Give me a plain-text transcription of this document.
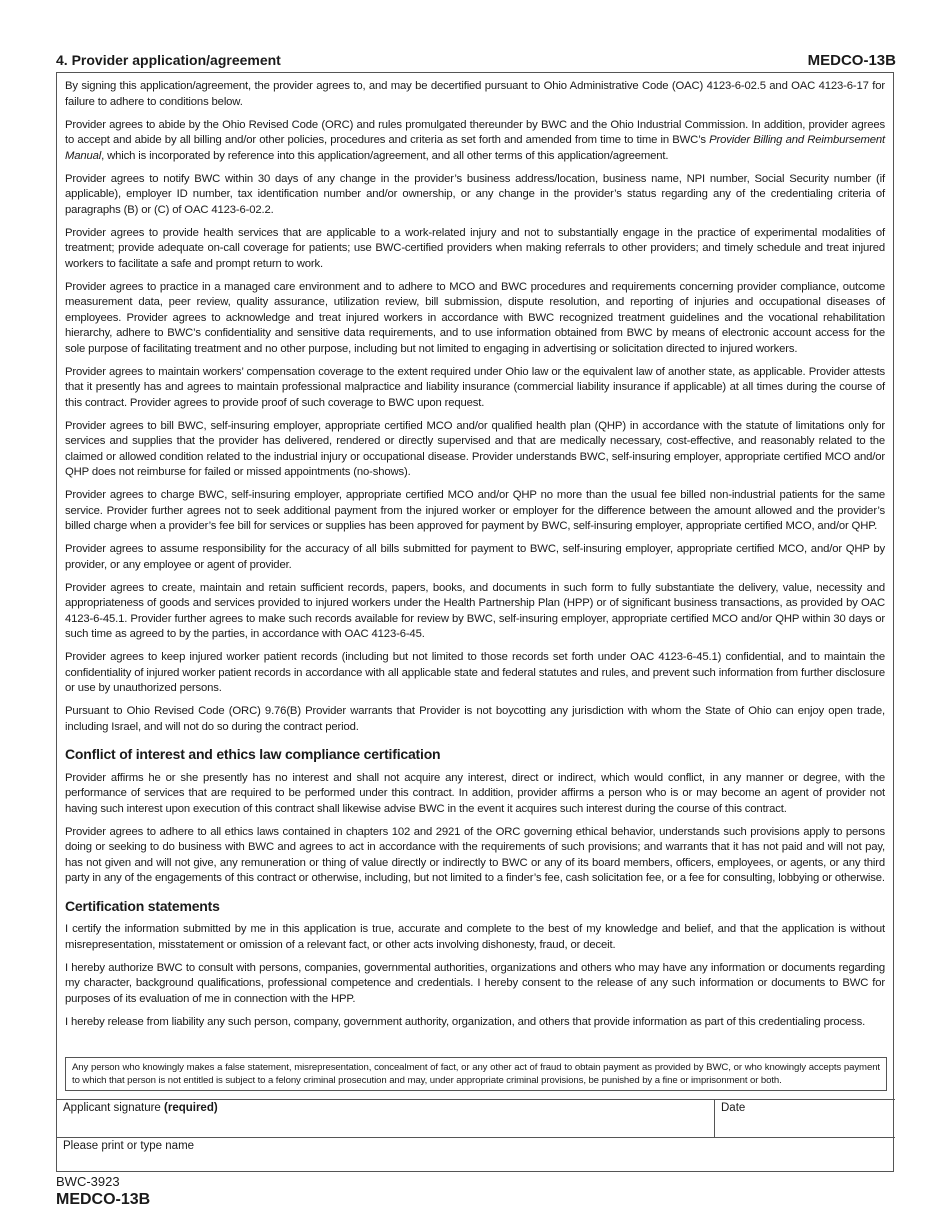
4. Provider application/agreement	MEDCO-13B

By signing this application/agreement, the provider agrees to, and may be decertified pursuant to Ohio Administrative Code (OAC) 4123-6-02.5 and OAC 4123-6-17 for failure to adhere to conditions below.

Provider agrees to abide by the Ohio Revised Code (ORC) and rules promulgated thereunder by BWC and the Ohio Industrial Commission. In addition, provider agrees to accept and abide by all billing and/or other policies, procedures and criteria as set forth and amended from time to time in BWC’s Provider Billing and Reimbursement Manual, which is incorporated by reference into this application/agreement, and all other terms of this application/agreement.

Provider agrees to notify BWC within 30 days of any change in the provider’s business address/location, business name, NPI number, Social Security number (if applicable), employer ID number, tax identification number and/or ownership, or any change in the provider’s status regarding any of the credentialing criteria of paragraphs (B) or (C) of OAC 4123-6-02.2.

Provider agrees to provide health services that are applicable to a work-related injury and not to substantially engage in the practice of experimental modalities of treatment; provide adequate on-call coverage for patients; use BWC-certified providers when making referrals to other providers; and timely schedule and treat injured workers to facilitate a safe and prompt return to work.

Provider agrees to practice in a managed care environment and to adhere to MCO and BWC procedures and requirements concerning provider compliance, outcome measurement data, peer review, quality assurance, utilization review, bill submission, dispute resolution, and reporting of injuries and occupational diseases of employees. Provider agrees to acknowledge and treat injured workers in accordance with BWC recognized treatment guidelines and the vocational rehabilitation hierarchy, adhere to BWC’s confidentiality and sensitive data requirements, and to use information obtained from BWC by means of electronic account access for the sole purpose of facilitating treatment and no other purpose, including but not limited to engaging in advertising or solicitation directed to injured workers.

Provider agrees to maintain workers’ compensation coverage to the extent required under Ohio law or the equivalent law of another state, as applicable. Provider attests that it presently has and agrees to maintain professional malpractice and liability insurance (commercial liability insurance if applicable) at all times during the course of this contract. Provider agrees to provide proof of such coverage to BWC upon request.

Provider agrees to bill BWC, self-insuring employer, appropriate certified MCO and/or qualified health plan (QHP) in accordance with the statute of limitations only for services and supplies that the provider has delivered, rendered or directly supervised and that are medically necessary, cost-effective, and reasonably related to the claimed or allowed condition related to the industrial injury or occupational disease. Provider understands BWC, self-insuring employer, appropriate certified MCO and/or QHP does not reimburse for failed or missed appointments (no-shows).

Provider agrees to charge BWC, self-insuring employer, appropriate certified MCO and/or QHP no more than the usual fee billed non-industrial patients for the same service. Provider further agrees not to seek additional payment from the injured worker or employer for the difference between the amount allowed and the provider’s billed charge when a provider’s fee bill for services or supplies has been approved for payment by BWC, self-insuring employer, appropriate certified MCO, and/or QHP.

Provider agrees to assume responsibility for the accuracy of all bills submitted for payment to BWC, self-insuring employer, appropriate certified MCO, and/or QHP by provider, or any employee or agent of provider.

Provider agrees to create, maintain and retain sufficient records, papers, books, and documents in such form to fully substantiate the delivery, value, necessity and appropriateness of goods and services provided to injured workers under the Health Partnership Plan (HPP) or of significant business transactions, as provided by OAC 4123-6-45.1. Provider further agrees to make such records available for review by BWC, self-insuring employer, appropriate certified MCO and/or QHP within 30 days or such time as agreed to by the parties, in accordance with OAC 4123-6-45.

Provider agrees to keep injured worker patient records (including but not limited to those records set forth under OAC 4123-6-45.1) confidential, and to maintain the confidentiality of injured worker patient records in accordance with all applicable state and federal statutes and rules, and prevent such information from further disclosure or use by unauthorized persons.

Pursuant to Ohio Revised Code (ORC) 9.76(B) Provider warrants that Provider is not boycotting any jurisdiction with whom the State of Ohio can enjoy open trade, including Israel, and will not do so during the contract period.

Conflict of interest and ethics law compliance certification

Provider affirms he or she presently has no interest and shall not acquire any interest, direct or indirect, which would conflict, in any manner or degree, with the performance of services that are required to be performed under this contract. In addition, provider affirms a person who is or may become an agent of provider not having such interest upon execution of this contract shall likewise advise BWC in the event it acquires such interest during the course of this contract.

Provider agrees to adhere to all ethics laws contained in chapters 102 and 2921 of the ORC governing ethical behavior, understands such provisions apply to persons doing or seeking to do business with BWC and agrees to act in accordance with the requirements of such provisions; and warrants that it has not paid and will not pay, has not given and will not give, any remuneration or thing of value directly or indirectly to BWC or any of its board members, officers, employees, or agents, or any third party in any of the engagements of this contract or otherwise, including, but not limited to a finder’s fee, cash solicitation fee, or a fee for consulting, lobbying or otherwise.

Certification statements

I certify the information submitted by me in this application is true, accurate and complete to the best of my knowledge and belief, and that the application is without misrepresentation, misstatement or omission of a relevant fact, or other acts involving dishonesty, fraud, or deceit.

I hereby authorize BWC to consult with persons, companies, governmental authorities, organizations and others who may have any information or documents regarding my character, background qualifications, professional competence and credentials. I hereby consent to the release of any such information or documents to BWC for purposes of its evaluation of me in connection with the HPP.

I hereby release from liability any such person, company, government authority, organization, and others that provide information as part of this credentialing process.

Any person who knowingly makes a false statement, misrepresentation, concealment of fact, or any other act of fraud to obtain payment as provided by BWC, or who knowingly accepts payment to which that person is not entitled is subject to a felony criminal prosecution and may, under appropriate criminal provisions, be punished by a fine or imprisonment or both.
Applicant signature (required)	Date
Please print or type name
BWC-3923
MEDCO-13B
